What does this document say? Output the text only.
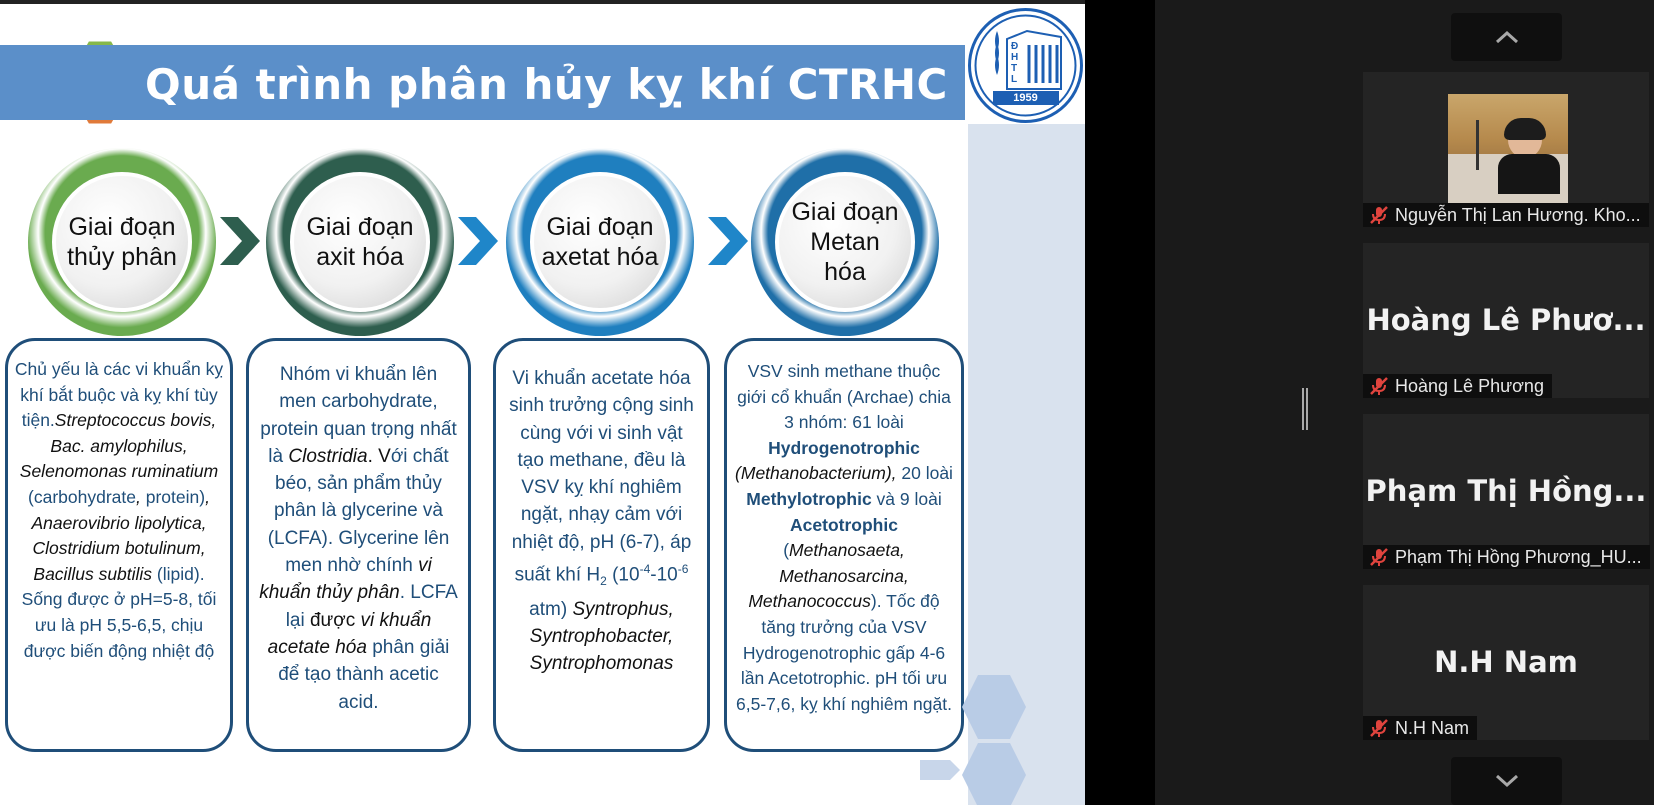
Quá trình phân hủy kỵ khí CTRHC
ĐHTL
1959
Giai đoạn
thủy phân
Giai đoạn
axit hóa
Giai đoạn
axetat hóa
Giai đoạn
Metan
hóa
Chủ yếu là các vi khuẩn kỵ khí bắt buộc và kỵ khí tùy tiện.Streptococcus bovis, Bac. amylophilus, Selenomonas ruminatium (carbohydrate, protein), Anaerovibrio lipolytica, Clostridium botulinum, Bacillus subtilis (lipid). Sống được ở pH=5-8, tối ưu là pH 5,5-6,5, chịu được biến động nhiệt độ
Nhóm vi khuẩn lên men carbohydrate, protein quan trọng nhất là Clostridia. Với chất béo, sản phẩm thủy phân là glycerine và (LCFA). Glycerine lên men nhờ chính vi khuẩn thủy phân. LCFA lại được vi khuẩn acetate hóa phân giải để tạo thành acetic acid.
Vi khuẩn acetate hóa sinh trưởng cộng sinh cùng với vi sinh vật tạo methane, đều là VSV kỵ khí nghiêm ngặt, nhạy cảm với nhiệt độ, pH (6-7), áp suất khí $H_2$ ($10^{-4}-10^{-6}$ atm) Syntrophus, Syntrophobacter, Syntrophomonas
VSV sinh methane thuộc giới cổ khuẩn (Archae) chia 3 nhóm: 61 loài Hydrogenotrophic (Methanobacterium), 20 loài Methylotrophic và 9 loài Acetotrophic (Methanosaeta, Methanosarcina, Methanococcus). Tốc độ tăng trưởng của VSV Hydrogenotrophic gấp 4-6 lần Acetotrophic. pH tối ưu 6,5-7,6, kỵ khí nghiêm ngặt.
Nguyễn Thị Lan Hương. Kho...
Hoàng Lê Phươ...
Hoàng Lê Phương
Phạm Thị Hồng...
Phạm Thị Hồng Phương_HU...
N.H Nam
N.H Nam
